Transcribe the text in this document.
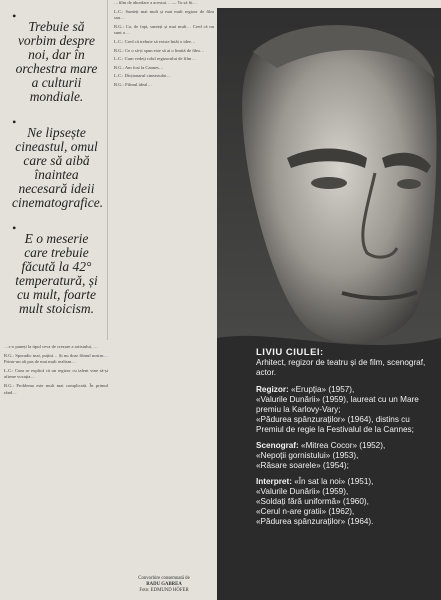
•
Trebuie să vorbim despre noi, dar în orchestra mare a culturii mondiale.
•
Ne lipsește cineastul, omul care să aibă înaintea necesară ideii cinematografice.
•
E o meserie care trebuie făcută la 42° temperatură, și cu mult, foarte mult stoicism.

…s-o puneți la tipul ceva de crezare a artistului, …

R.G.: Sporadic mai, puțini… Și nu doar filmul nostru… Printr-un alt pas de mai mult realism…

L.C.: Cum se explică că un regizor cu talent vine să-și afirme vocația…

R.G.: Problema este mult mai complicată. În primul rând…

…film de abordare a acestui… — Tu să fii…

L.C.: Sunteți mai mult și mai mult regizor de film sau…

R.G.: Ca, de fapt, sunteți și mai mult… Cred că nu sunt o…

L.C.: Cred că trebuie să existe întâi o idee…

R.G.: Ce o să-ți spun este să ai o limită de film…

L.C.: Cum vedeți rolul regizorului de film…

R.G.: Am fost la Cannes…

L.C.: Dicționarul cineastului…

R.G.: Filmul ideal…

Convorbire consemnată de
RADU GABREA
Foto: EDMUND HÖFER
LIVIU CIULEI:
Arhitect, regizor de teatru și de film, scenograf, actor.
Regizor: «Erupția» (1957),
«Valurile Dunării» (1959), laureat cu un Mare premiu la Karlovy-Vary;
«Pădurea spânzuraților» (1964), distins cu Premiul de regie la Festivalul de la Cannes;
Scenograf: «Mitrea Cocor» (1952),
«Nepoții gornistului» (1953),
«Răsare soarele» (1954);
Interpret: «În sat la noi» (1951),
«Valurile Dunării» (1959),
«Soldați fără uniformă» (1960),
«Cerul n-are gratii» (1962),
«Pădurea spânzuraților» (1964).
